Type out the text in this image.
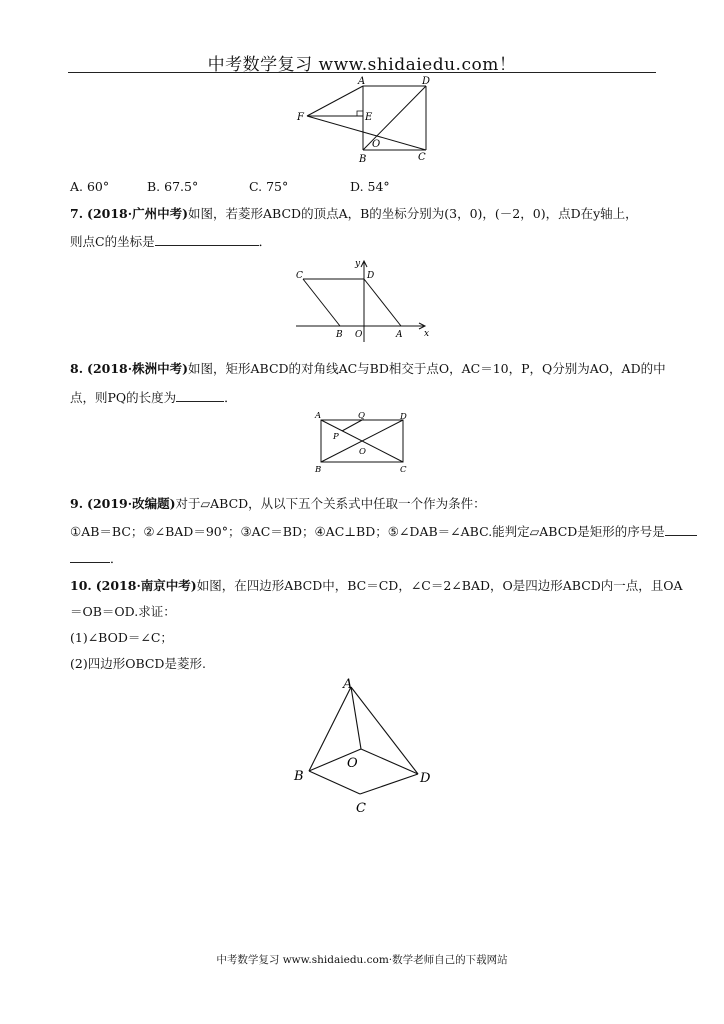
中考数学复习 www.shidaiedu.com！
A	D
F	E
O
B	C
A. 60°	B. 67.5°	C. 75°	D. 54°
7. (2018·广州中考)如图，若菱形ABCD的顶点A，B的坐标分别为(3，0)，(－2，0)，点D在y轴上，
则点C的坐标是	．
y
C	D
B O	A x
8. (2018·株洲中考)如图，矩形ABCD的对角线AC与BD相交于点O，AC＝10，P，Q分别为AO，AD的中
点，则PQ的长度为	．
A	Q	D
P
O
B	C
9. (2019·改编题)对于▱ABCD，从以下五个关系式中任取一个作为条件：
①AB＝BC；②∠BAD＝90°；③AC＝BD；④AC⊥BD；⑤∠DAB＝∠ABC.能判定▱ABCD是矩形的序号是
．
10. (2018·南京中考)如图，在四边形ABCD中，BC＝CD，∠C＝2∠BAD，O是四边形ABCD内一点，且OA
＝OB＝OD.求证：
(1)∠BOD＝∠C；
(2)四边形OBCD是菱形.
A
O
B	D
C
中考数学复习 www.shidaiedu.com·数学老师自己的下载网站
